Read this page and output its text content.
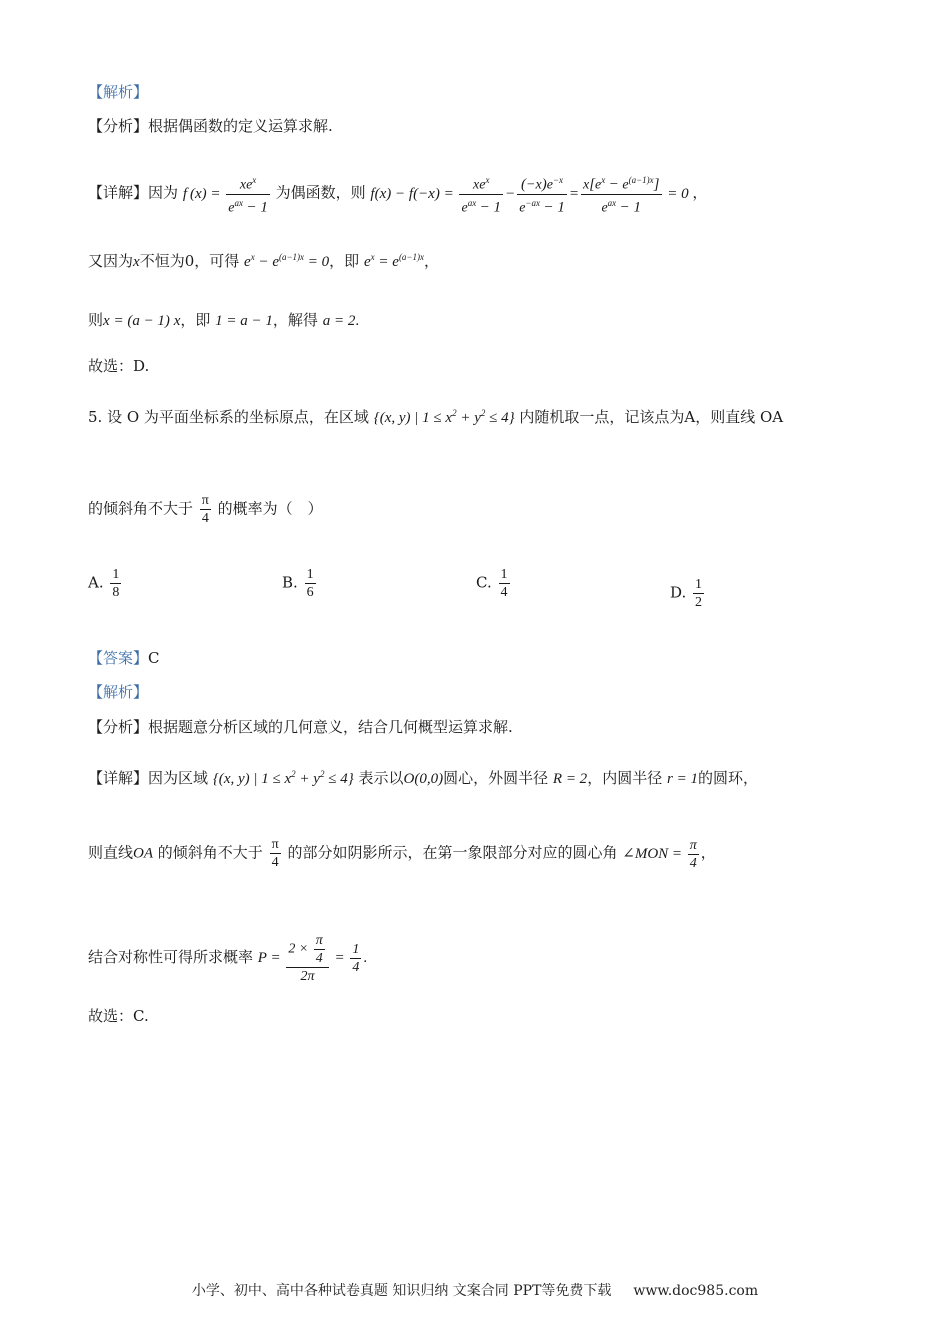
【解析】
【分析】根据偶函数的定义运算求解.
【详解】因为 f $(x) = \frac{xe^x}{e^{ax} - 1}$ 为偶函数，则 $f(x) - f(-x) = \frac{xe^x}{e^{ax} - 1} - \frac{(-x)e^{-x}}{e^{-ax} - 1} = \frac{x[e^x - e^{(a-1)x}]}{e^{ax} - 1} = 0$ ，
又因为x不恒为0，可得 $e^x - e^{(a-1)x} = 0$，即 $e^x = e^{(a-1)x}$，
则x = (a − 1) x，即 1 = a − 1，解得 a = 2.
故选：D.
5. 设 O 为平面坐标系的坐标原点，在区域 {(x, y) | $1 \le x^2 + y^2 \le 4$} 内随机取一点，记该点为A，则直线 OA
的倾斜角不大于 $\frac{\pi}{4}$ 的概率为（　）
A. $\frac{1}{8}$	B. $\frac{1}{6}$	C. $\frac{1}{4}$	D. $\frac{1}{2}$
【答案】C
【解析】
【分析】根据题意分析区域的几何意义，结合几何概型运算求解.
【详解】因为区域 {(x, y) | $1 \le x^2 + y^2 \le 4$} 表示以O(0,0)圆心，外圆半径 R = 2，内圆半径 r = 1的圆环，
则直线OA 的倾斜角不大于 $\frac{\pi}{4}$ 的部分如阴影所示，在第一象限部分对应的圆心角 ∠MON = $\frac{\pi}{4}$ ，
结合对称性可得所求概率 $P = \frac{2 \times \frac{\pi}{4}}{2\pi} = \frac{1}{4}$ .
故选：C.
小学、初中、高中各种试卷真题 知识归纳 文案合同 PPT等免费下载 www.doc985.com
